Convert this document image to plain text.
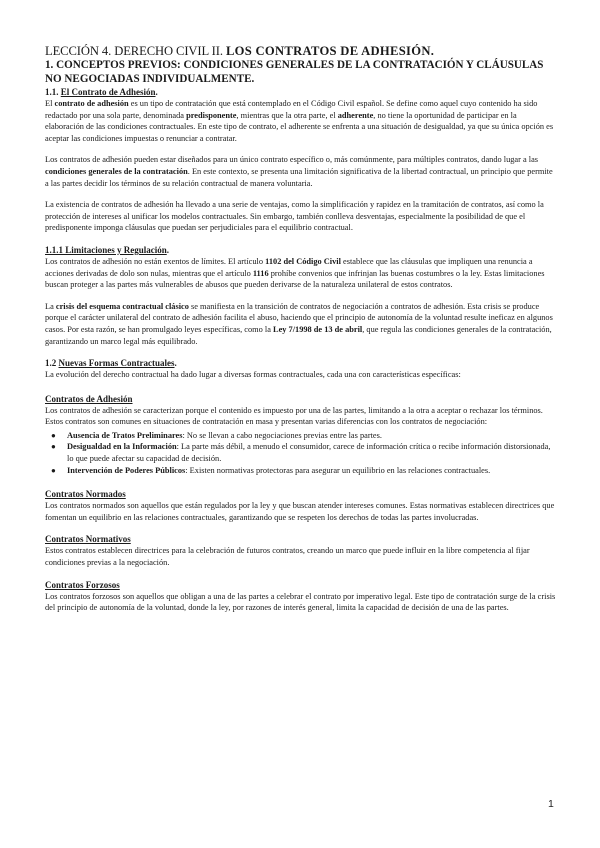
LECCIÓN 4. DERECHO CIVIL II. LOS CONTRATOS DE ADHESIÓN.

1. CONCEPTOS PREVIOS: CONDICIONES GENERALES DE LA CONTRATACIÓN Y CLÁUSULAS NO NEGOCIADAS INDIVIDUALMENTE.

1.1. El Contrato de Adhesión.

El contrato de adhesión es un tipo de contratación que está contemplado en el Código Civil español. Se define como aquel cuyo contenido ha sido redactado por una sola parte, denominada predisponente, mientras que la otra parte, el adherente, no tiene la oportunidad de participar en la elaboración de las condiciones contractuales. En este tipo de contrato, el adherente se enfrenta a una situación de desigualdad, ya que su única opción es aceptar las condiciones impuestas o renunciar a contratar.

Los contratos de adhesión pueden estar diseñados para un único contrato específico o, más comúnmente, para múltiples contratos, dando lugar a las condiciones generales de la contratación. En este contexto, se presenta una limitación significativa de la libertad contractual, un principio que permite a las partes decidir los términos de su relación contractual de manera voluntaria.

La existencia de contratos de adhesión ha llevado a una serie de ventajas, como la simplificación y rapidez en la tramitación de contratos, así como la protección de intereses al unificar los modelos contractuales. Sin embargo, también conlleva desventajas, especialmente la posibilidad de que el predisponente imponga cláusulas que puedan ser perjudiciales para el equilibrio contractual.

1.1.1 Limitaciones y Regulación.

Los contratos de adhesión no están exentos de límites. El artículo 1102 del Código Civil establece que las cláusulas que impliquen una renuncia a acciones derivadas de dolo son nulas, mientras que el artículo 1116 prohíbe convenios que infrinjan las buenas costumbres o la ley. Estas limitaciones buscan proteger a las partes más vulnerables de abusos que pueden derivarse de la naturaleza unilateral de estos contratos.

La crisis del esquema contractual clásico se manifiesta en la transición de contratos de negociación a contratos de adhesión. Esta crisis se produce porque el carácter unilateral del contrato de adhesión facilita el abuso, haciendo que el principio de autonomía de la voluntad resulte ineficaz en algunos casos. Por esta razón, se han promulgado leyes específicas, como la Ley 7/1998 de 13 de abril, que regula las condiciones generales de la contratación, garantizando un marco legal más equilibrado.

1.2 Nuevas Formas Contractuales.

La evolución del derecho contractual ha dado lugar a diversas formas contractuales, cada una con características específicas:

Contratos de Adhesión

Los contratos de adhesión se caracterizan porque el contenido es impuesto por una de las partes, limitando a la otra a aceptar o rechazar los términos. Estos contratos son comunes en situaciones de contratación en masa y presentan varias diferencias con los contratos de negociación:

● Ausencia de Tratos Preliminares: No se llevan a cabo negociaciones previas entre las partes.
● Desigualdad en la Información: La parte más débil, a menudo el consumidor, carece de información crítica o recibe información distorsionada, lo que puede afectar su capacidad de decisión.
● Intervención de Poderes Públicos: Existen normativas protectoras para asegurar un equilibrio en las relaciones contractuales.

Contratos Normados

Los contratos normados son aquellos que están regulados por la ley y que buscan atender intereses comunes. Estas normativas establecen directrices que fomentan un equilibrio en las relaciones contractuales, garantizando que se respeten los derechos de todas las partes involucradas.

Contratos Normativos

Estos contratos establecen directrices para la celebración de futuros contratos, creando un marco que puede influir en la libre competencia al fijar condiciones previas a la negociación.

Contratos Forzosos

Los contratos forzosos son aquellos que obligan a una de las partes a celebrar el contrato por imperativo legal. Este tipo de contratación surge de la crisis del principio de autonomía de la voluntad, donde la ley, por razones de interés general, limita la capacidad de decisión de una de las partes.

1
